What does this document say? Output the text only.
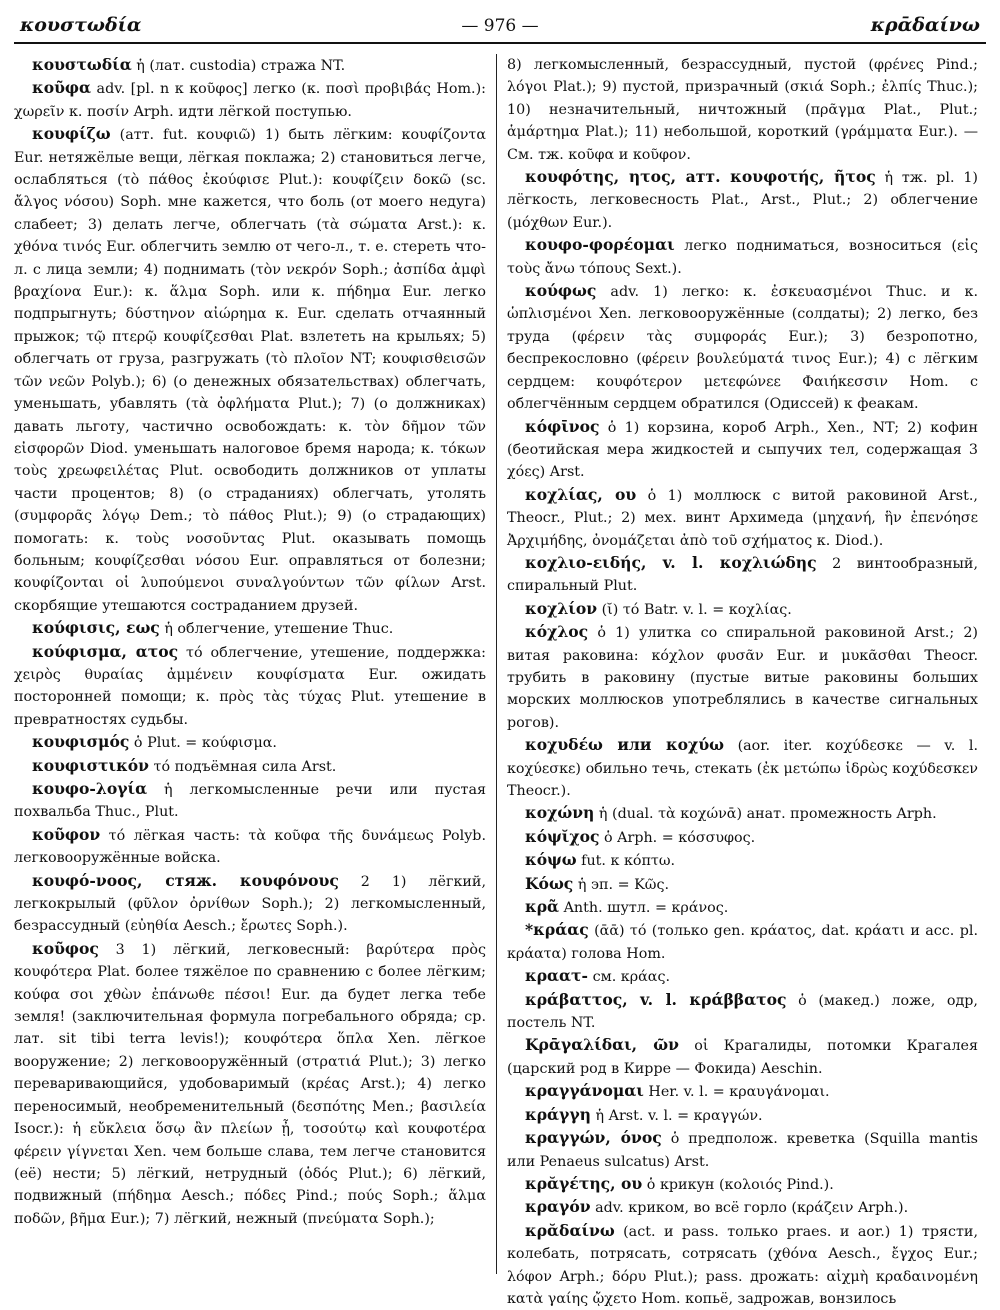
κουστωδία	— 976 —	κρᾱδαίνω

κουστωδία ἡ (лат. custodia) стража NT.

κοῦφα adv. [pl. n к κοῦφος] легко (κ. ποσὶ προβιβάς Hom.): χωρεῖν κ. ποσίν Arph. идти лёгкой поступью.

κουφίζω (атт. fut. κουφιῶ) 1) быть лёгким: κουφίζοντα Eur. нетяжёлые вещи, лёгкая поклажа; 2) становиться легче, ослабляться (τὸ πάθος ἐκούφισε Plut.): κουφίζειν δοκῶ (sc. ἄλγος νόσου) Soph. мне кажется, что боль (от моего недуга) слабеет; 3) делать легче, облегчать (τὰ σώματα Arst.): κ. χθόνα τινός Eur. облегчить землю от чего-л., т. е. стереть что-л. с лица земли; 4) поднимать (τὸν νεκρόν Soph.; ἀσπίδα ἀμφὶ βραχίονα Eur.): κ. ἅλμα Soph. или κ. πήδημα Eur. легко подпрыгнуть; δύστηνον αἰώρημα κ. Eur. сделать отчаянный прыжок; τῷ πτερῷ κουφίζεσθαι Plat. взлететь на крыльях; 5) облегчать от груза, разгружать (τὸ πλοῖον NT; κουφισθεισῶν τῶν νεῶν Polyb.); 6) (о денежных обязательствах) облегчать, уменьшать, убавлять (τὰ ὀφλήματα Plut.); 7) (о должниках) давать льготу, частично освобождать: κ. τὸν δῆμον τῶν εἰσφορῶν Diod. уменьшать налоговое бремя народа; κ. τόκων τοὺς χρεωφειλέτας Plut. освободить должников от уплаты части процентов; 8) (о страданиях) облегчать, утолять (συμφορᾶς λόγῳ Dem.; τὸ πάθος Plut.); 9) (о страдающих) помогать: κ. τοὺς νοσοῦντας Plut. оказывать помощь больным; κουφίζεσθαι νόσου Eur. оправляться от болезни; κουφίζονται οἱ λυπούμενοι συναλγούντων τῶν φίλων Arst. скорбящие утешаются состраданием друзей.

κούφισις, εως ἡ облегчение, утешение Thuc.

κούφισμα, ατος τό облегчение, утешение, поддержка: χειρὸς θυραίας ἀμμένειν κουφίσματα Eur. ожидать посторонней помощи; κ. πρὸς τὰς τύχας Plut. утешение в превратностях судьбы.

κουφισμός ὁ Plut. = κούφισμα.

κουφιστικόν τό подъёмная сила Arst.

κουφο-λογία ἡ легкомысленные речи или пустая похвальба Thuc., Plut.

κοῦφον τό лёгкая часть: τὰ κοῦφα τῆς δυνάμεως Polyb. легковооружённые войска.

κουφό-νοος, стяж. κουφόνους 2 1) лёгкий, легкокрылый (φῦλον ὀρνίθων Soph.); 2) легкомысленный, безрассудный (εὐηθία Aesch.; ἔρωτες Soph.).

κοῦφος 3 1) лёгкий, легковесный: βαρύτερα πρὸς κουφότερα Plat. более тяжёлое по сравнению с более лёгким; κούφα σοι χθὼν ἐπάνωθε πέσοι! Eur. да будет легка тебе земля! (заключительная формула погребального обряда; ср. лат. sit tibi terra levis!); κουφότερα ὅπλα Xen. лёгкое вооружение; 2) легковооружённый (στρατιά Plut.); 3) легко переваривающийся, удобоваримый (κρέας Arst.); 4) легко переносимый, необременительный (δεσπότης Men.; βασιλεία Isocr.): ἡ εὔκλεια ὅσῳ ἂν πλείων ᾖ, τοσούτῳ καὶ κουφοτέρα φέρειν γίγνεται Xen. чем больше слава, тем легче становится (её) нести; 5) лёгкий, нетрудный (ὁδός Plut.); 6) лёгкий, подвижный (πήδημα Aesch.; πόδες Pind.; πούς Soph.; ἅλμα ποδῶν, βῆμα Eur.); 7) лёгкий, нежный (πνεύματα Soph.);

8) легкомысленный, безрассудный, пустой (φρένες Pind.; λόγοι Plat.); 9) пустой, призрачный (σκιά Soph.; ἐλπίς Thuc.); 10) незначительный, ничтожный (πρᾶγμα Plat., Plut.; ἁμάρτημα Plat.); 11) небольшой, короткий (γράμματα Eur.). — См. тж. κοῦφα и κοῦφον.

κουφότης, ητος, атт. κουφοτής, ῆτος ἡ тж. pl. 1) лёгкость, легковесность Plat., Arst., Plut.; 2) облегчение (μόχθων Eur.).

κουφο-φορέομαι легко подниматься, возноситься (εἰς τοὺς ἄνω τόπους Sext.).

κούφως adv. 1) легко: κ. ἐσκευασμένοι Thuc. и κ. ὡπλισμένοι Xen. легковооружённые (солдаты); 2) легко, без труда (φέρειν τὰς συμφοράς Eur.); 3) безропотно, беспрекословно (φέρειν βουλεύματά τινος Eur.); 4) с лёгким сердцем: κουφότερον μετεφώνεε Φαιήκεσσιν Hom. с облегчённым сердцем обратился (Одиссей) к феакам.

κόφῑνος ὁ 1) корзина, короб Arph., Xen., NT; 2) кофин (беотийская мера жидкостей и сыпучих тел, содержащая 3 χόες) Arst.

κοχλίας, ου ὁ 1) моллюск с витой раковиной Arst., Theocr., Plut.; 2) мех. винт Архимеда (μηχανή, ἣν ἐπενόησε Ἀρχιμήδης, ὀνομάζεται ἀπὸ τοῦ σχήματος κ. Diod.).

κοχλιο-ειδής, v. l. κοχλιώδης 2 винтообразный, спиральный Plut.

κοχλίον (ῐ) τό Batr. v. l. = κοχλίας.

κόχλος ὁ 1) улитка со спиральной раковиной Arst.; 2) витая раковина: κόχλον φυσᾶν Eur. и μυκᾶσθαι Theocr. трубить в раковину (пустые витые раковины больших морских моллюсков употреблялись в качестве сигнальных рогов).

κοχυδέω или κοχύω (aor. iter. κοχύδεσκε — v. l. κοχύεσκε) обильно течь, стекать (ἐκ μετώπω ἱδρὼς κοχύδεσκεν Theocr.).

κοχώνη ἡ (dual. τὰ κοχώνᾱ) анат. промежность Arph.

κόψῐχος ὁ Arph. = κόσσυφος.

κόψω fut. к κόπτω.

Κόως ἡ эп. = Κῶς.

κρᾶ Anth. шутл. = κράνος.

*κράας (ᾱᾱ) τό (только gen. κράατος, dat. κράατι и acc. pl. κράατα) голова Hom.

κραατ- см. κράας.

κράβαττος, v. l. κράββατος ὁ (макед.) ложе, одр, постель NT.

Κρᾱγαλίδαι, ῶν οἱ Крагалиды, потомки Крагалея (царский род в Кирре — Фокида) Aeschin.

κραγγάνομαι Her. v. l. = κραυγάνομαι.

κράγγη ἡ Arst. v. l. = κραγγών.

κραγγών, όνος ὁ предполож. креветка (Squilla mantis или Penaeus sulcatus) Arst.

κρᾰγέτης, ου ὁ крикун (κολοιός Pind.).

κραγόν adv. криком, во всё горло (κράζειν Arph.).

κρᾰδαίνω (act. и pass. только praes. и aor.) 1) трясти, колебать, потрясать, сотрясать (χθόνα Aesch., ἔγχος Eur.; λόφον Arph.; δόρυ Plut.); pass. дрожать: αἰχμὴ κραδαινομένη κατὰ γαίης ᾤχετο Hom. копьё, задрожав, вонзилось
